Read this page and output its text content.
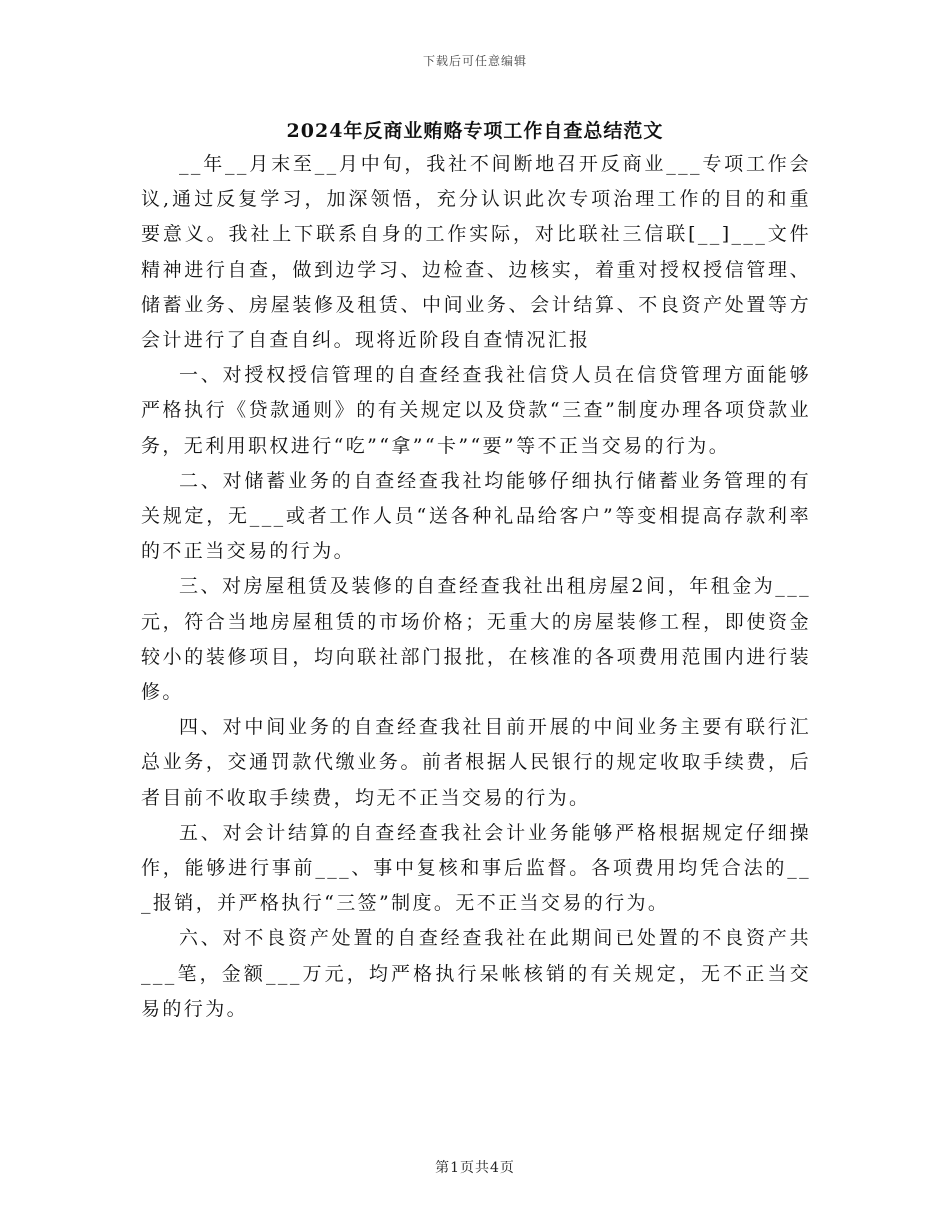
下载后可任意编辑
2024年反商业贿赂专项工作自查总结范文

__年__月末至__月中旬，我社不间断地召开反商业___专项工作会议,通过反复学习，加深领悟，充分认识此次专项治理工作的目的和重要意义。我社上下联系自身的工作实际，对比联社三信联[__]___文件精神进行自查，做到边学习、边检查、边核实，着重对授权授信管理、储蓄业务、房屋装修及租赁、中间业务、会计结算、不良资产处置等方会计进行了自查自纠。现将近阶段自查情况汇报

一、对授权授信管理的自查经查我社信贷人员在信贷管理方面能够严格执行《贷款通则》的有关规定以及贷款“三查”制度办理各项贷款业务，无利用职权进行“吃”“拿”“卡”“要”等不正当交易的行为。

二、对储蓄业务的自查经查我社均能够仔细执行储蓄业务管理的有关规定，无___或者工作人员“送各种礼品给客户”等变相提高存款利率的不正当交易的行为。

三、对房屋租赁及装修的自查经查我社出租房屋2间，年租金为___元，符合当地房屋租赁的市场价格；无重大的房屋装修工程，即使资金较小的装修项目，均向联社部门报批，在核准的各项费用范围内进行装修。

四、对中间业务的自查经查我社目前开展的中间业务主要有联行汇总业务，交通罚款代缴业务。前者根据人民银行的规定收取手续费，后者目前不收取手续费，均无不正当交易的行为。

五、对会计结算的自查经查我社会计业务能够严格根据规定仔细操作，能够进行事前___、事中复核和事后监督。各项费用均凭合法的___报销，并严格执行“三签”制度。无不正当交易的行为。

六、对不良资产处置的自查经查我社在此期间已处置的不良资产共___笔，金额___万元，均严格执行呆帐核销的有关规定，无不正当交易的行为。

第1页共4页
